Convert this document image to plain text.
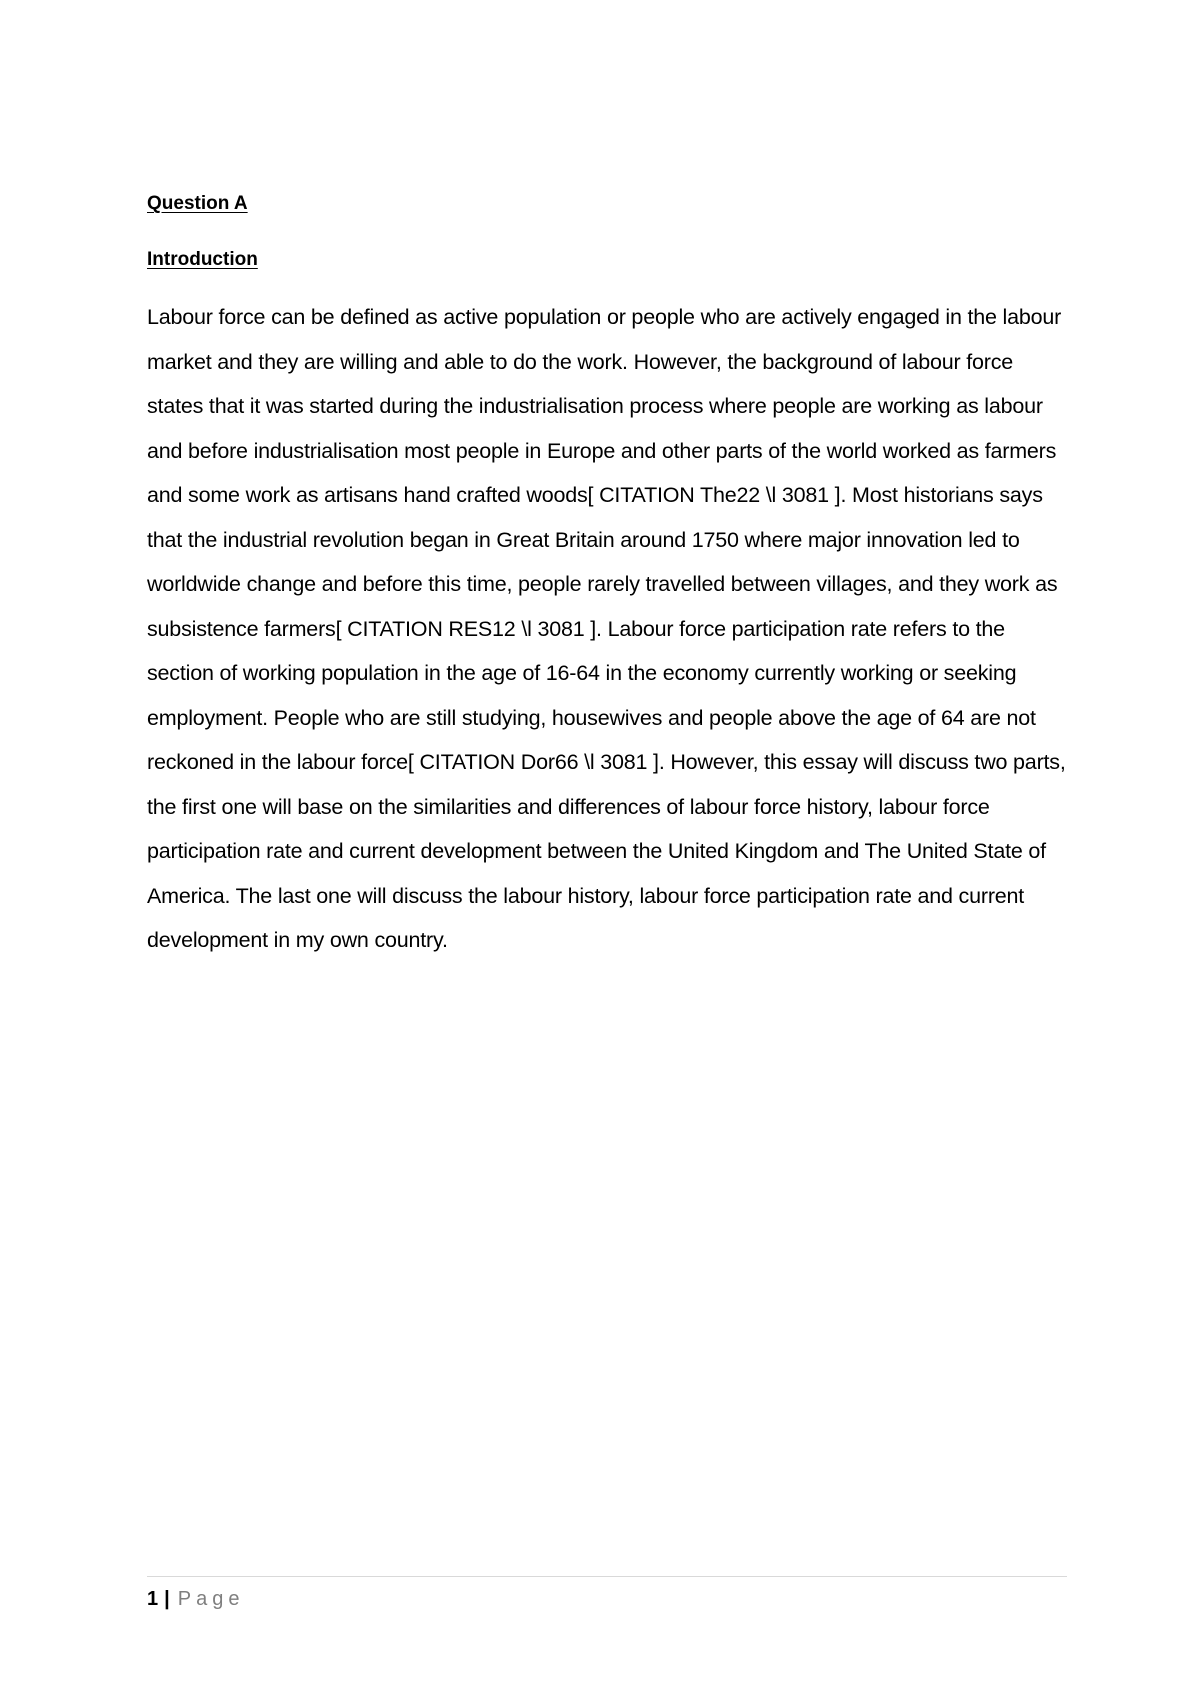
Question A

Introduction

Labour force can be defined as active population or people who are actively engaged in the labour market and they are willing and able to do the work. However, the background of labour force states that it was started during the industrialisation process where people are working as labour and before industrialisation most people in Europe and other parts of the world worked as farmers and some work as artisans hand crafted woods[ CITATION The22 \l 3081 ]. Most historians says that the industrial revolution began in Great Britain around 1750 where major innovation led to worldwide change and before this time, people rarely travelled between villages, and they work as subsistence farmers[ CITATION RES12 \l 3081 ]. Labour force participation rate refers to the section of working population in the age of 16-64 in the economy currently working or seeking employment. People who are still studying, housewives and people above the age of 64 are not reckoned in the labour force[ CITATION Dor66 \l 3081 ]. However, this essay will discuss two parts, the first one will base on the similarities and differences of labour force history, labour force participation rate and current development between the United Kingdom and The United State of America. The last one will discuss the labour history, labour force participation rate and current development in my own country.

1 | Page
